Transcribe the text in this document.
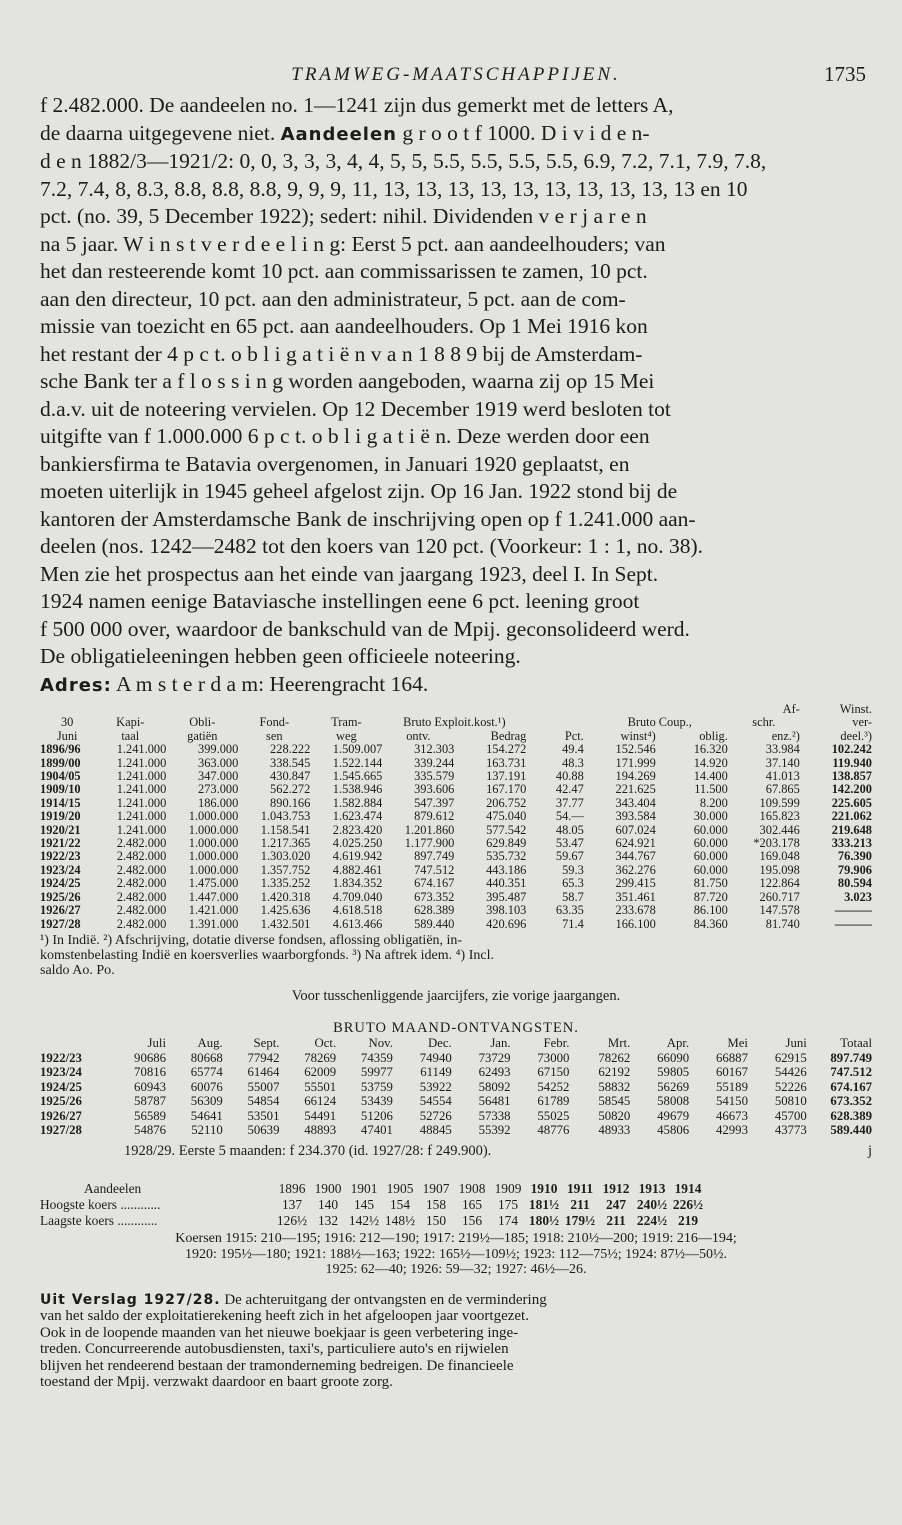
TRAMWEG-MAATSCHAPPIJEN.	1735
f 2.482.000. De aandeelen no. 1—1241 zijn dus gemerkt met de letters A,
de daarna uitgegevene niet. Aandeelen g r o o t f 1000. D i v i d e n-
d e n 1882/3—1921/2: 0, 0, 3, 3, 3, 4, 4, 5, 5, 5.5, 5.5, 5.5, 5.5, 6.9, 7.2, 7.1, 7.9, 7.8,
7.2, 7.4, 8, 8.3, 8.8, 8.8, 8.8, 9, 9, 9, 11, 13, 13, 13, 13, 13, 13, 13, 13, 13, 13 en 10
pct. (no. 39, 5 December 1922); sedert: nihil. Dividenden v e r j a r e n
na 5 jaar. W i n s t v e r d e e l i n g: Eerst 5 pct. aan aandeelhouders; van
het dan resteerende komt 10 pct. aan commissarissen te zamen, 10 pct.
aan den directeur, 10 pct. aan den administrateur, 5 pct. aan de com-
missie van toezicht en 65 pct. aan aandeelhouders. Op 1 Mei 1916 kon
het restant der 4 p c t. o b l i g a t i ë n v a n 1 8 8 9 bij de Amsterdam-
sche Bank ter a f l o s s i n g worden aangeboden, waarna zij op 15 Mei
d.a.v. uit de noteering vervielen. Op 12 December 1919 werd besloten tot
uitgifte van f 1.000.000 6 p c t. o b l i g a t i ë n. Deze werden door een
bankiersfirma te Batavia overgenomen, in Januari 1920 geplaatst, en
moeten uiterlijk in 1945 geheel afgelost zijn. Op 16 Jan. 1922 stond bij de
kantoren der Amsterdamsche Bank de inschrijving open op f 1.241.000 aan-
deelen (nos. 1242—2482 tot den koers van 120 pct. (Voorkeur: 1 : 1, no. 38).
Men zie het prospectus aan het einde van jaargang 1923, deel I. In Sept.
1924 namen eenige Bataviasche instellingen eene 6 pct. leening groot
f 500 000 over, waardoor de bankschuld van de Mpij. geconsolideerd werd.
De obligatieleeningen hebben geen officieele noteering.
Adres: A m s t e r d a m: Heerengracht 164.
										Af-	Winst.
30	Kapi-	Obli-	Fond-	Tram-	Bruto Exploit.kost.¹)			Bruto	Coup.,	schr.	ver-
Juni	taal	gatiën	sen	weg	ontv.	Bedrag	Pct.	winst⁴)	oblig.	enz.²)	deel.³)
1896/96	1.241.000	399.000	228.222	1.509.007	312.303	154.272	49.4	152.546	16.320	33.984	102.242
1899/00	1.241.000	363.000	338.545	1.522.144	339.244	163.731	48.3	171.999	14.920	37.140	119.940
1904/05	1.241.000	347.000	430.847	1.545.665	335.579	137.191	40.88	194.269	14.400	41.013	138.857
1909/10	1.241.000	273.000	562.272	1.538.946	393.606	167.170	42.47	221.625	11.500	67.865	142.200
1914/15	1.241.000	186.000	890.166	1.582.884	547.397	206.752	37.77	343.404	8.200	109.599	225.605
1919/20	1.241.000	1.000.000	1.043.753	1.623.474	879.612	475.040	54.—	393.584	30.000	165.823	221.062
1920/21	1.241.000	1.000.000	1.158.541	2.823.420	1.201.860	577.542	48.05	607.024	60.000	302.446	219.648
1921/22	2.482.000	1.000.000	1.217.365	4.025.250	1.177.900	629.849	53.47	624.921	60.000	*203.178	333.213
1922/23	2.482.000	1.000.000	1.303.020	4.619.942	897.749	535.732	59.67	344.767	60.000	169.048	76.390
1923/24	2.482.000	1.000.000	1.357.752	4.882.461	747.512	443.186	59.3	362.276	60.000	195.098	79.906
1924/25	2.482.000	1.475.000	1.335.252	1.834.352	674.167	440.351	65.3	299.415	81.750	122.864	80.594
1925/26	2.482.000	1.447.000	1.420.318	4.709.040	673.352	395.487	58.7	351.461	87.720	260.717	3.023
1926/27	2.482.000	1.421.000	1.425.636	4.618.518	628.389	398.103	63.35	233.678	86.100	147.578	———
1927/28	2.482.000	1.391.000	1.432.501	4.613.466	589.440	420.696	71.4	166.100	84.360	81.740	———
¹) In Indië. ²) Afschrijving, dotatie diverse fondsen, aflossing obligatiën, in-
komstenbelasting Indië en koersverlies waarborgfonds. ³) Na aftrek idem. ⁴) Incl.
saldo Ao. Po.
Voor tusschenliggende jaarcijfers, zie vorige jaargangen.
BRUTO MAAND-ONTVANGSTEN.
	Juli	Aug.	Sept.	Oct.	Nov.	Dec.	Jan.	Febr.	Mrt.	Apr.	Mei	Juni	Totaal
1922/23	90686	80668	77942	78269	74359	74940	73729	73000	78262	66090	66887	62915	897.749
1923/24	70816	65774	61464	62009	59977	61149	62493	67150	62192	59805	60167	54426	747.512
1924/25	60943	60076	55007	55501	53759	53922	58092	54252	58832	56269	55189	52226	674.167
1925/26	58787	56309	54854	66124	53439	54554	56481	61789	58545	58008	54150	50810	673.352
1926/27	56589	54641	53501	54491	51206	52726	57338	55025	50820	49679	46673	45700	628.389
1927/28	54876	52110	50639	48893	47401	48845	55392	48776	48933	45806	42993	43773	589.440
1928/29. Eerste 5 maanden: f 234.370 (id. 1927/28: f 249.900).	j
Aandeelen	1896	1900	1901	1905	1907	1908	1909	1910	1911	1912	1913	1914	
Hoogste koers ............	137	140	145	154	158	165	175	181½	211	247	240½	226½	
Laagste koers ............	126½	132	142½	148½	150	156	174	180½	179½	211	224½	219	
Koersen 1915: 210—195; 1916: 212—190; 1917: 219½—185; 1918: 210½—200; 1919: 216—194;
1920: 195½—180; 1921: 188½—163; 1922: 165½—109½; 1923: 112—75½; 1924: 87½—50½.
1925: 62—40; 1926: 59—32; 1927: 46½—26.
Uit Verslag 1927/28. De achteruitgang der ontvangsten en de vermindering
van het saldo der exploitatierekening heeft zich in het afgeloopen jaar voortgezet.
Ook in de loopende maanden van het nieuwe boekjaar is geen verbetering inge-
treden. Concurreerende autobusdiensten, taxi's, particuliere auto's en rijwielen
blijven het rendeerend bestaan der tramonderneming bedreigen. De financieele
toestand der Mpij. verzwakt daardoor en baart groote zorg.
